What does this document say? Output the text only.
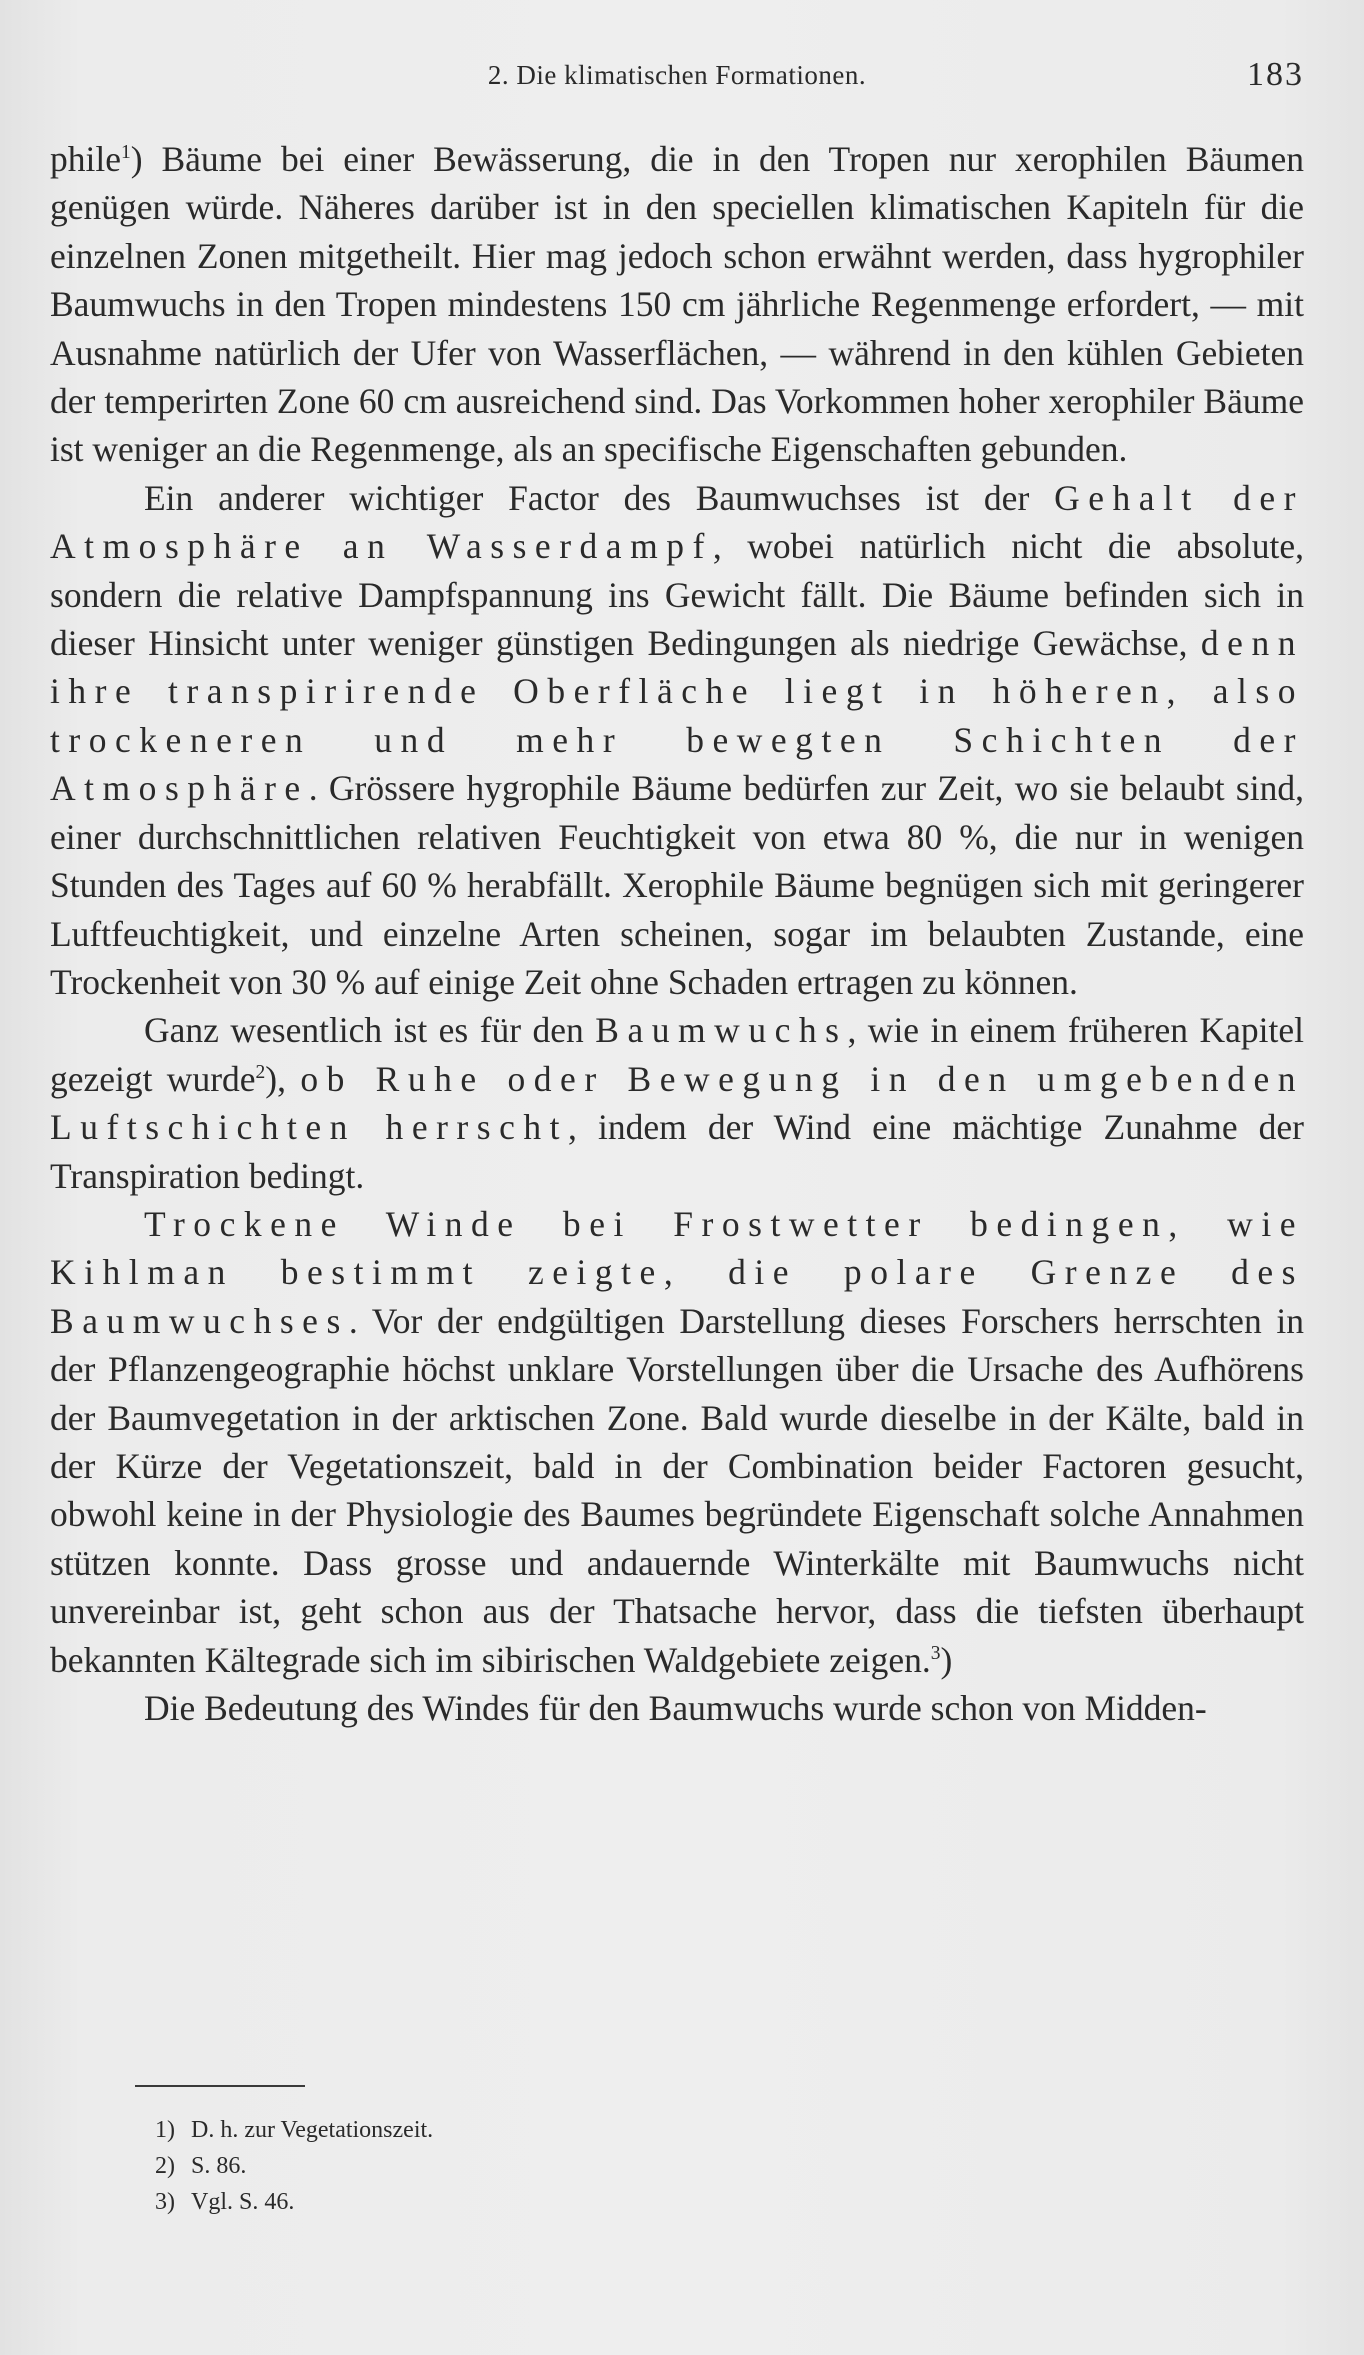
2. Die klimatischen Formationen.	183

phile$^1$) Bäume bei einer Bewässerung, die in den Tropen nur xerophilen Bäumen genügen würde. Näheres darüber ist in den speciellen klimatischen Kapiteln für die einzelnen Zonen mitgetheilt. Hier mag jedoch schon erwähnt werden, dass hygrophiler Baumwuchs in den Tropen mindestens 150 cm jährliche Regenmenge erfordert, — mit Ausnahme natürlich der Ufer von Wasserflächen, — während in den kühlen Gebieten der temperirten Zone 60 cm ausreichend sind. Das Vorkommen hoher xerophiler Bäume ist weniger an die Regenmenge, als an specifische Eigenschaften gebunden.

Ein anderer wichtiger Factor des Baumwuchses ist der Gehalt der Atmosphäre an Wasserdampf, wobei natürlich nicht die absolute, sondern die relative Dampfspannung ins Gewicht fällt. Die Bäume befinden sich in dieser Hinsicht unter weniger günstigen Bedingungen als niedrige Gewächse, denn ihre transpirirende Oberfläche liegt in höheren, also trockeneren und mehr bewegten Schichten der Atmosphäre. Grössere hygrophile Bäume bedürfen zur Zeit, wo sie belaubt sind, einer durchschnittlichen relativen Feuchtigkeit von etwa 80 %, die nur in wenigen Stunden des Tages auf 60 % herabfällt. Xerophile Bäume begnügen sich mit geringerer Luftfeuchtigkeit, und einzelne Arten scheinen, sogar im belaubten Zustande, eine Trockenheit von 30 % auf einige Zeit ohne Schaden ertragen zu können.

Ganz wesentlich ist es für den Baumwuchs, wie in einem früheren Kapitel gezeigt wurde$^2$), ob Ruhe oder Bewegung in den umgebenden Luftschichten herrscht, indem der Wind eine mächtige Zunahme der Transpiration bedingt.

Trockene Winde bei Frostwetter bedingen, wie Kihlman bestimmt zeigte, die polare Grenze des Baumwuchses. Vor der endgültigen Darstellung dieses Forschers herrschten in der Pflanzengeographie höchst unklare Vorstellungen über die Ursache des Aufhörens der Baumvegetation in der arktischen Zone. Bald wurde dieselbe in der Kälte, bald in der Kürze der Vegetationszeit, bald in der Combination beider Factoren gesucht, obwohl keine in der Physiologie des Baumes begründete Eigenschaft solche Annahmen stützen konnte. Dass grosse und andauernde Winterkälte mit Baumwuchs nicht unvereinbar ist, geht schon aus der Thatsache hervor, dass die tiefsten überhaupt bekannten Kältegrade sich im sibirischen Waldgebiete zeigen.$^3$)

Die Bedeutung des Windes für den Baumwuchs wurde schon von Midden-

1) D. h. zur Vegetationszeit.
2) S. 86.
3) Vgl. S. 46.
